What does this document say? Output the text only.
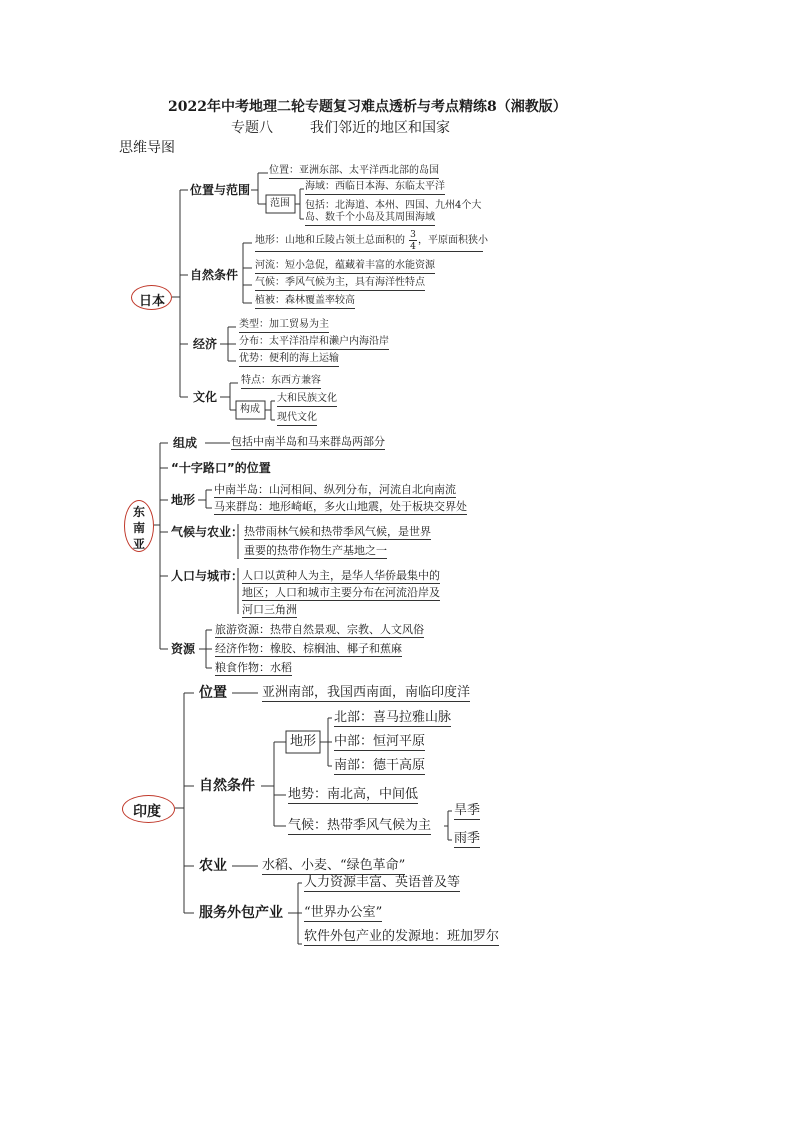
2022年中考地理二轮专题复习难点透析与考点精练8（湘教版）
专题八	我们邻近的地区和国家
思维导图
日本
位置与范围
位置：亚洲东部、太平洋西北部的岛国
范围
海域：西临日本海、东临太平洋
包括：北海道、本州、四国、九州4个大
岛、数千个小岛及其周围海域
自然条件
地形：山地和丘陵占领土总面积的 3
4
，平原面积狭小
河流：短小急促，蕴藏着丰富的水能资源
气候：季风气候为主，具有海洋性特点
植被：森林覆盖率较高
经济
类型：加工贸易为主
分布：太平洋沿岸和濑户内海沿岸
优势：便利的海上运输
文化
特点：东西方兼容
构成
大和民族文化
现代文化
东
南
亚
组成	包括中南半岛和马来群岛两部分
“十字路口”的位置
地形
中南半岛：山河相间、纵列分布，河流自北向南流
马来群岛：地形崎岖，多火山地震，处于板块交界处
气候与农业： 热带雨林气候和热带季风气候，是世界
重要的热带作物生产基地之一
人口与城市：
人口以黄种人为主，是华人华侨最集中的
地区；人口和城市主要分布在河流沿岸及
河口三角洲
资源
旅游资源：热带自然景观、宗教、人文风俗
经济作物：橡胶、棕榈油、椰子和蕉麻
粮食作物：水稻
印度
位置	亚洲南部，我国西南面，南临印度洋
自然条件
地形
北部：喜马拉雅山脉
中部：恒河平原
南部：德干高原
地势：南北高，中间低
气候：热带季风气候为主
旱季
雨季
农业	水稻、小麦、“绿色革命”
服务外包产业
人力资源丰富、英语普及等
“世界办公室”
软件外包产业的发源地：班加罗尔
